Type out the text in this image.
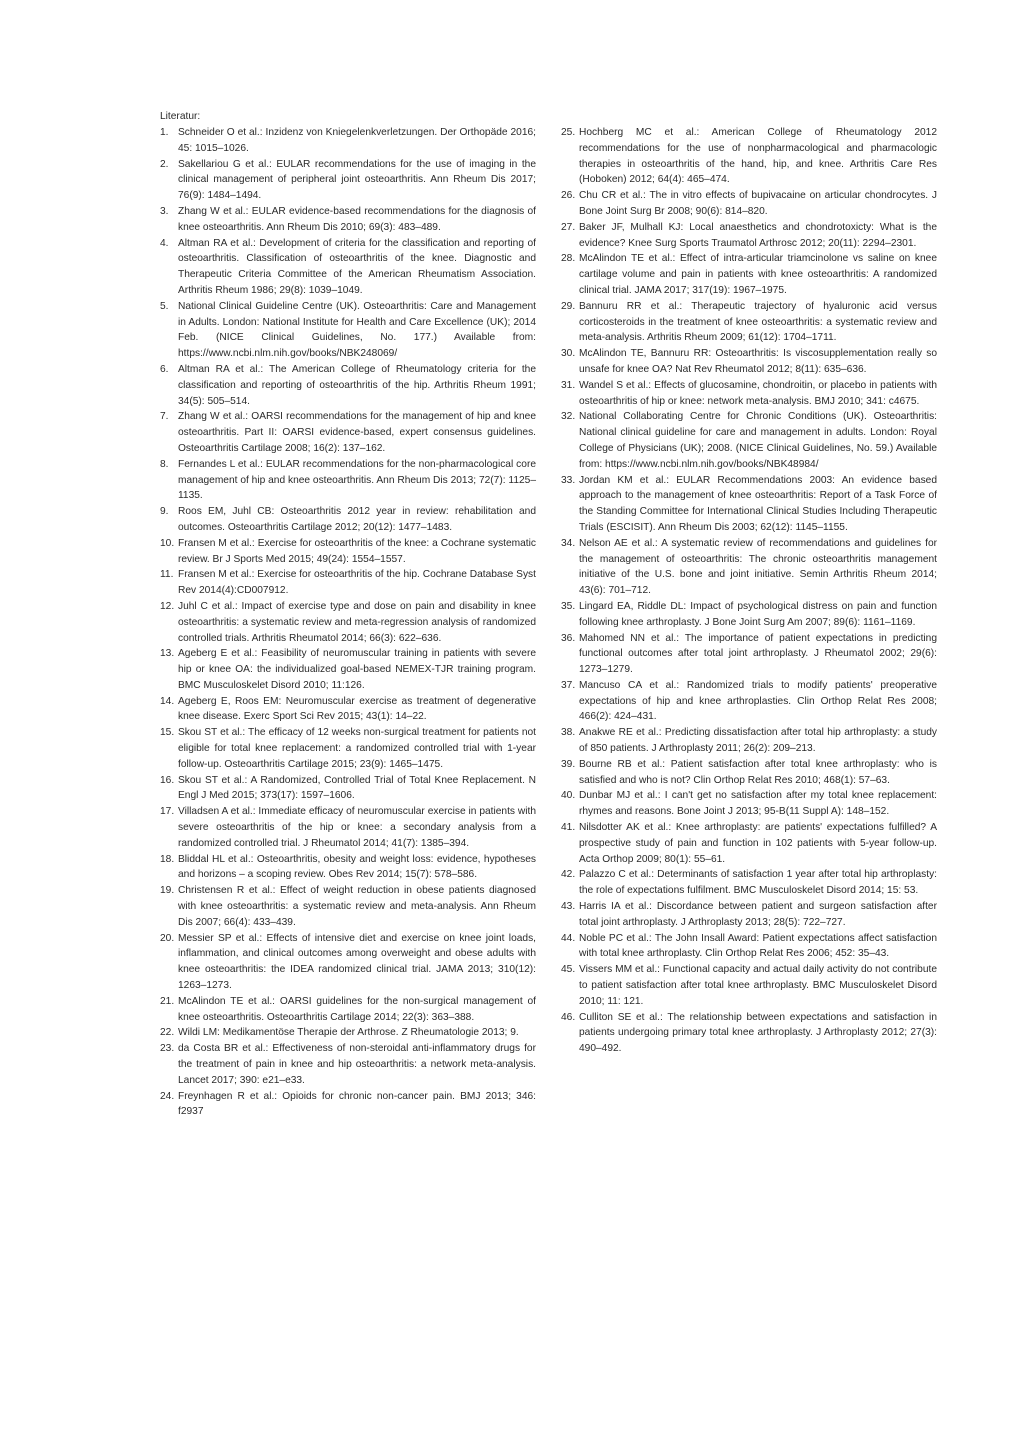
Literatur:
1. Schneider O et al.: Inzidenz von Kniegelenkverletzungen. Der Orthopäde 2016; 45: 1015–1026.
2. Sakellariou G et al.: EULAR recommendations for the use of imaging in the clinical management of peripheral joint osteoarthritis. Ann Rheum Dis 2017; 76(9): 1484–1494.
3. Zhang W et al.: EULAR evidence-based recommendations for the diagnosis of knee osteoarthritis. Ann Rheum Dis 2010; 69(3): 483–489.
4. Altman RA et al.: Development of criteria for the classification and reporting of osteoarthritis. Classification of osteoarthritis of the knee. Diagnostic and Therapeutic Criteria Committee of the American Rheumatism Association. Arthritis Rheum 1986; 29(8): 1039–1049.
5. National Clinical Guideline Centre (UK). Osteoarthritis: Care and Management in Adults. London: National Institute for Health and Care Excellence (UK); 2014 Feb. (NICE Clinical Guidelines, No. 177.) Available from: https://www.ncbi.nlm.nih.gov/books/NBK248069/
6. Altman RA et al.: The American College of Rheumatology criteria for the classification and reporting of osteoarthritis of the hip. Arthritis Rheum 1991; 34(5): 505–514.
7. Zhang W et al.: OARSI recommendations for the management of hip and knee osteoarthritis. Part II: OARSI evidence-based, expert consensus guidelines. Osteoarthritis Cartilage 2008; 16(2): 137–162.
8. Fernandes L et al.: EULAR recommendations for the non-pharmacological core management of hip and knee osteoarthritis. Ann Rheum Dis 2013; 72(7): 1125–1135.
9. Roos EM, Juhl CB: Osteoarthritis 2012 year in review: rehabilitation and outcomes. Osteoarthritis Cartilage 2012; 20(12): 1477–1483.
10. Fransen M et al.: Exercise for osteoarthritis of the knee: a Cochrane systematic review. Br J Sports Med 2015; 49(24): 1554–1557.
11. Fransen M et al.: Exercise for osteoarthritis of the hip. Cochrane Database Syst Rev 2014(4):CD007912.
12. Juhl C et al.: Impact of exercise type and dose on pain and disability in knee osteoarthritis: a systematic review and meta-regression analysis of randomized controlled trials. Arthritis Rheumatol 2014; 66(3): 622–636.
13. Ageberg E et al.: Feasibility of neuromuscular training in patients with severe hip or knee OA: the individualized goal-based NEMEX-TJR training program. BMC Musculoskelet Disord 2010; 11:126.
14. Ageberg E, Roos EM: Neuromuscular exercise as treatment of degenerative knee disease. Exerc Sport Sci Rev 2015; 43(1): 14–22.
15. Skou ST et al.: The efficacy of 12 weeks non-surgical treatment for patients not eligible for total knee replacement: a randomized controlled trial with 1-year follow-up. Osteoarthritis Cartilage 2015; 23(9): 1465–1475.
16. Skou ST et al.: A Randomized, Controlled Trial of Total Knee Replacement. N Engl J Med 2015; 373(17): 1597–1606.
17. Villadsen A et al.: Immediate efficacy of neuromuscular exercise in patients with severe osteoarthritis of the hip or knee: a secondary analysis from a randomized controlled trial. J Rheumatol 2014; 41(7): 1385–394.
18. Bliddal HL et al.: Osteoarthritis, obesity and weight loss: evidence, hypotheses and horizons – a scoping review. Obes Rev 2014; 15(7): 578–586.
19. Christensen R et al.: Effect of weight reduction in obese patients diagnosed with knee osteoarthritis: a systematic review and meta-analysis. Ann Rheum Dis 2007; 66(4): 433–439.
20. Messier SP et al.: Effects of intensive diet and exercise on knee joint loads, inflammation, and clinical outcomes among overweight and obese adults with knee osteoarthritis: the IDEA randomized clinical trial. JAMA 2013; 310(12): 1263–1273.
21. McAlindon TE et al.: OARSI guidelines for the non-surgical management of knee osteoarthritis. Osteoarthritis Cartilage 2014; 22(3): 363–388.
22. Wildi LM: Medikamentöse Therapie der Arthrose. Z Rheumatologie 2013; 9.
23. da Costa BR et al.: Effectiveness of non-steroidal anti-inflammatory drugs for the treatment of pain in knee and hip osteoarthritis: a network meta-analysis. Lancet 2017; 390: e21–e33.
24. Freynhagen R et al.: Opioids for chronic non-cancer pain. BMJ 2013; 346: f2937
25. Hochberg MC et al.: American College of Rheumatology 2012 recommendations for the use of nonpharmacological and pharmacologic therapies in osteoarthritis of the hand, hip, and knee. Arthritis Care Res (Hoboken) 2012; 64(4): 465–474.
26. Chu CR et al.: The in vitro effects of bupivacaine on articular chondrocytes. J Bone Joint Surg Br 2008; 90(6): 814–820.
27. Baker JF, Mulhall KJ: Local anaesthetics and chondrotoxicty: What is the evidence? Knee Surg Sports Traumatol Arthrosc 2012; 20(11): 2294–2301.
28. McAlindon TE et al.: Effect of intra-articular triamcinolone vs saline on knee cartilage volume and pain in patients with knee osteoarthritis: A randomized clinical trial. JAMA 2017; 317(19): 1967–1975.
29. Bannuru RR et al.: Therapeutic trajectory of hyaluronic acid versus corticosteroids in the treatment of knee osteoarthritis: a systematic review and meta-analysis. Arthritis Rheum 2009; 61(12): 1704–1711.
30. McAlindon TE, Bannuru RR: Osteoarthritis: Is viscosupplementation really so unsafe for knee OA? Nat Rev Rheumatol 2012; 8(11): 635–636.
31. Wandel S et al.: Effects of glucosamine, chondroitin, or placebo in patients with osteoarthritis of hip or knee: network meta-analysis. BMJ 2010; 341: c4675.
32. National Collaborating Centre for Chronic Conditions (UK). Osteoarthritis: National clinical guideline for care and management in adults. London: Royal College of Physicians (UK); 2008. (NICE Clinical Guidelines, No. 59.) Available from: https://www.ncbi.nlm.nih.gov/books/NBK48984/
33. Jordan KM et al.: EULAR Recommendations 2003: An evidence based approach to the management of knee osteoarthritis: Report of a Task Force of the Standing Committee for International Clinical Studies Including Therapeutic Trials (ESCISIT). Ann Rheum Dis 2003; 62(12): 1145–1155.
34. Nelson AE et al.: A systematic review of recommendations and guidelines for the management of osteoarthritis: The chronic osteoarthritis management initiative of the U.S. bone and joint initiative. Semin Arthritis Rheum 2014; 43(6): 701–712.
35. Lingard EA, Riddle DL: Impact of psychological distress on pain and function following knee arthroplasty. J Bone Joint Surg Am 2007; 89(6): 1161–1169.
36. Mahomed NN et al.: The importance of patient expectations in predicting functional outcomes after total joint arthroplasty. J Rheumatol 2002; 29(6): 1273–1279.
37. Mancuso CA et al.: Randomized trials to modify patients' preoperative expectations of hip and knee arthroplasties. Clin Orthop Relat Res 2008; 466(2): 424–431.
38. Anakwe RE et al.: Predicting dissatisfaction after total hip arthroplasty: a study of 850 patients. J Arthroplasty 2011; 26(2): 209–213.
39. Bourne RB et al.: Patient satisfaction after total knee arthroplasty: who is satisfied and who is not? Clin Orthop Relat Res 2010; 468(1): 57–63.
40. Dunbar MJ et al.: I can't get no satisfaction after my total knee replacement: rhymes and reasons. Bone Joint J 2013; 95-B(11 Suppl A): 148–152.
41. Nilsdotter AK et al.: Knee arthroplasty: are patients' expectations fulfilled? A prospective study of pain and function in 102 patients with 5-year follow-up. Acta Orthop 2009; 80(1): 55–61.
42. Palazzo C et al.: Determinants of satisfaction 1 year after total hip arthroplasty: the role of expectations fulfilment. BMC Musculoskelet Disord 2014; 15: 53.
43. Harris IA et al.: Discordance between patient and surgeon satisfaction after total joint arthroplasty. J Arthroplasty 2013; 28(5): 722–727.
44. Noble PC et al.: The John Insall Award: Patient expectations affect satisfaction with total knee arthroplasty. Clin Orthop Relat Res 2006; 452: 35–43.
45. Vissers MM et al.: Functional capacity and actual daily activity do not contribute to patient satisfaction after total knee arthroplasty. BMC Musculoskelet Disord 2010; 11: 121.
46. Culliton SE et al.: The relationship between expectations and satisfaction in patients undergoing primary total knee arthroplasty. J Arthroplasty 2012; 27(3): 490–492.
